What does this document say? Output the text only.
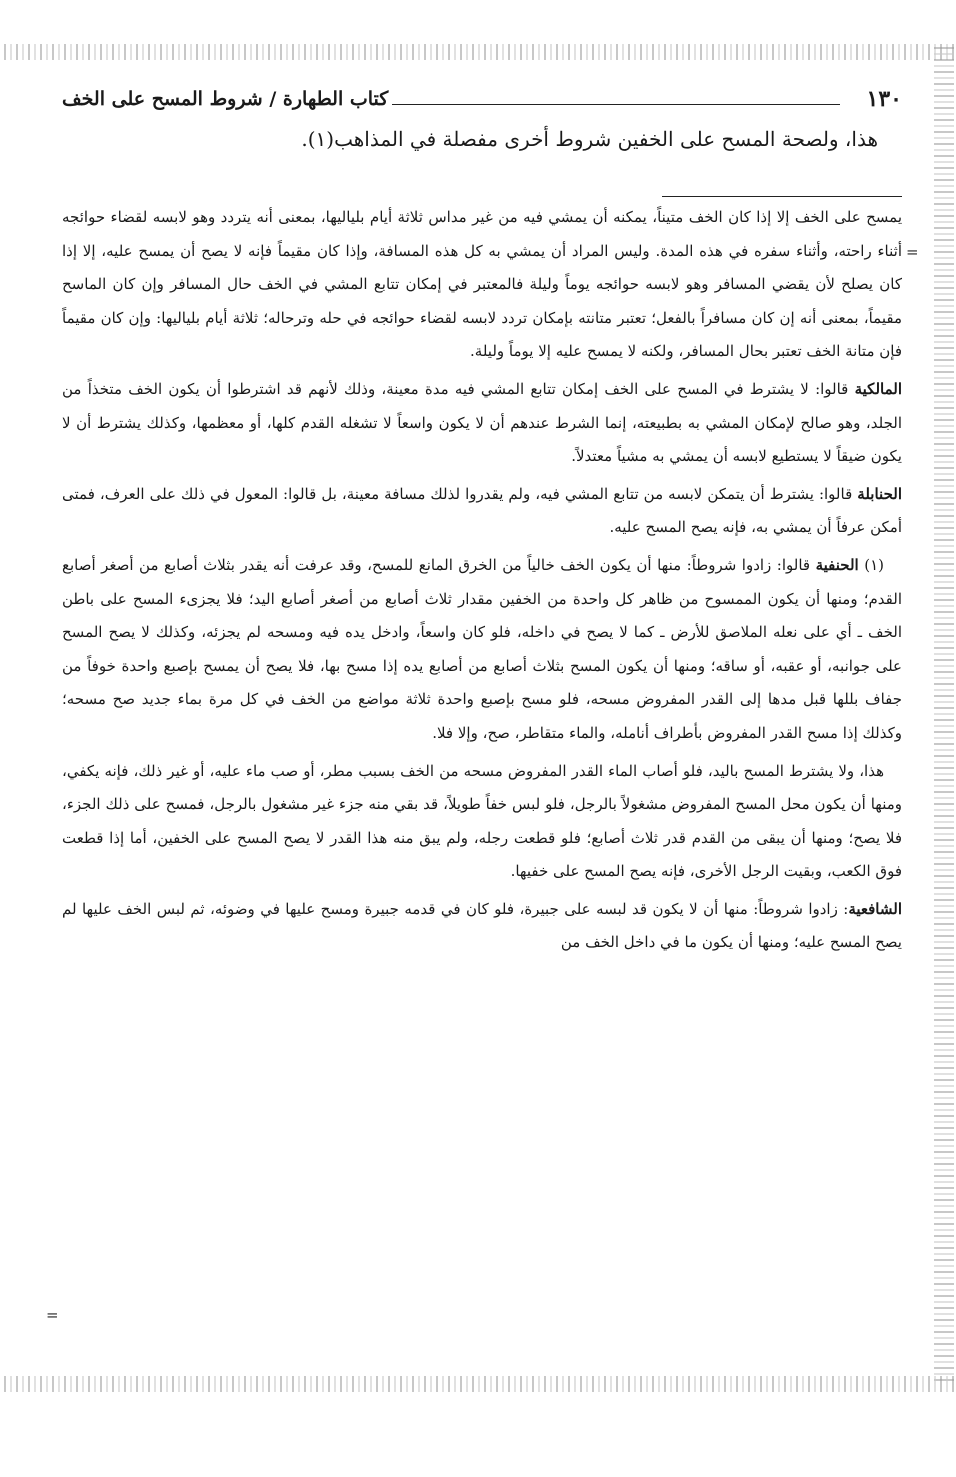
١٣٠
كتاب الطهارة / شروط المسح على الخف
هذا، ولصحة المسح على الخفين شروط أخرى مفصلة في المذاهب(١).

يمسح على الخف إلا إذا كان الخف متيناً، يمكنه أن يمشي فيه من غير مداس ثلاثة أيام بلياليها، بمعنى أنه يتردد وهو لابسه لقضاء حوائجه أثناء راحته، وأثناء سفره في هذه المدة. وليس المراد أن يمشي به كل هذه المسافة، وإذا كان مقيماً فإنه لا يصح أن يمسح عليه، إلا إذا كان يصلح لأن يقضي المسافر وهو لابسه حوائجه يوماً وليلة فالمعتبر في إمكان تتابع المشي في الخف حال المسافر وإن كان الماسح مقيماً، بمعنى أنه إن كان مسافراً بالفعل؛ تعتبر متانته بإمكان تردد لابسه لقضاء حوائجه في حله وترحاله؛ ثلاثة أيام بلياليها: وإن كان مقيماً فإن متانة الخف تعتبر بحال المسافر، ولكنه لا يمسح عليه إلا يوماً وليلة.

المالكية قالوا: لا يشترط في المسح على الخف إمكان تتابع المشي فيه مدة معينة، وذلك لأنهم قد اشترطوا أن يكون الخف متخذاً من الجلد، وهو صالح لإمكان المشي به بطبيعته، إنما الشرط عندهم أن لا يكون واسعاً لا تشغله القدم كلها، أو معظمها، وكذلك يشترط أن لا يكون ضيقاً لا يستطيع لابسه أن يمشي به مشياً معتدلاً.

الحنابلة قالوا: يشترط أن يتمكن لابسه من تتابع المشي فيه، ولم يقدروا لذلك مسافة معينة، بل قالوا: المعول في ذلك على العرف، فمتى أمكن عرفاً أن يمشي به، فإنه يصح المسح عليه.

(١) الحنفية قالوا: زادوا شروطاً: منها أن يكون الخف خالياً من الخرق المانع للمسح، وقد عرفت أنه يقدر بثلاث أصابع من أصغر أصابع القدم؛ ومنها أن يكون الممسوح من ظاهر كل واحدة من الخفين مقدار ثلاث أصابع من أصغر أصابع اليد؛ فلا يجزىء المسح على باطن الخف ـ أي على نعله الملاصق للأرض ـ كما لا يصح في داخله، فلو كان واسعاً، وادخل يده فيه ومسحه لم يجزئه، وكذلك لا يصح المسح على جوانبه، أو عقبه، أو ساقه؛ ومنها أن يكون المسح بثلاث أصابع من أصابع يده إذا مسح بها، فلا يصح أن يمسح بإصبع واحدة خوفاً من جفاف بللها قبل مدها إلى القدر المفروض مسحه، فلو مسح بإصبع واحدة ثلاثة مواضع من الخف في كل مرة بماء جديد صح مسحه؛ وكذلك إذا مسح القدر المفروض بأطراف أنامله، والماء متقاطر، صح، وإلا فلا.

هذا، ولا يشترط المسح باليد، فلو أصاب الماء القدر المفروض مسحه من الخف بسبب مطر، أو صب ماء عليه، أو غير ذلك، فإنه يكفي، ومنها أن يكون محل المسح المفروض مشغولاً بالرجل، فلو لبس خفاً طويلاً، قد بقي منه جزء غير مشغول بالرجل، فمسح على ذلك الجزء، فلا يصح؛ ومنها أن يبقى من القدم قدر ثلاث أصابع؛ فلو قطعت رجله، ولم يبق منه هذا القدر لا يصح المسح على الخفين، أما إذا قطعت فوق الكعب، وبقيت الرجل الأخرى، فإنه يصح المسح على خفيها.

الشافعية: زادوا شروطاً: منها أن لا يكون قد لبسه على جبيرة، فلو كان في قدمه جبيرة ومسح عليها في وضوئه، ثم لبس الخف عليها لم يصح المسح عليه؛ ومنها أن يكون ما في داخل الخف من

=
=
